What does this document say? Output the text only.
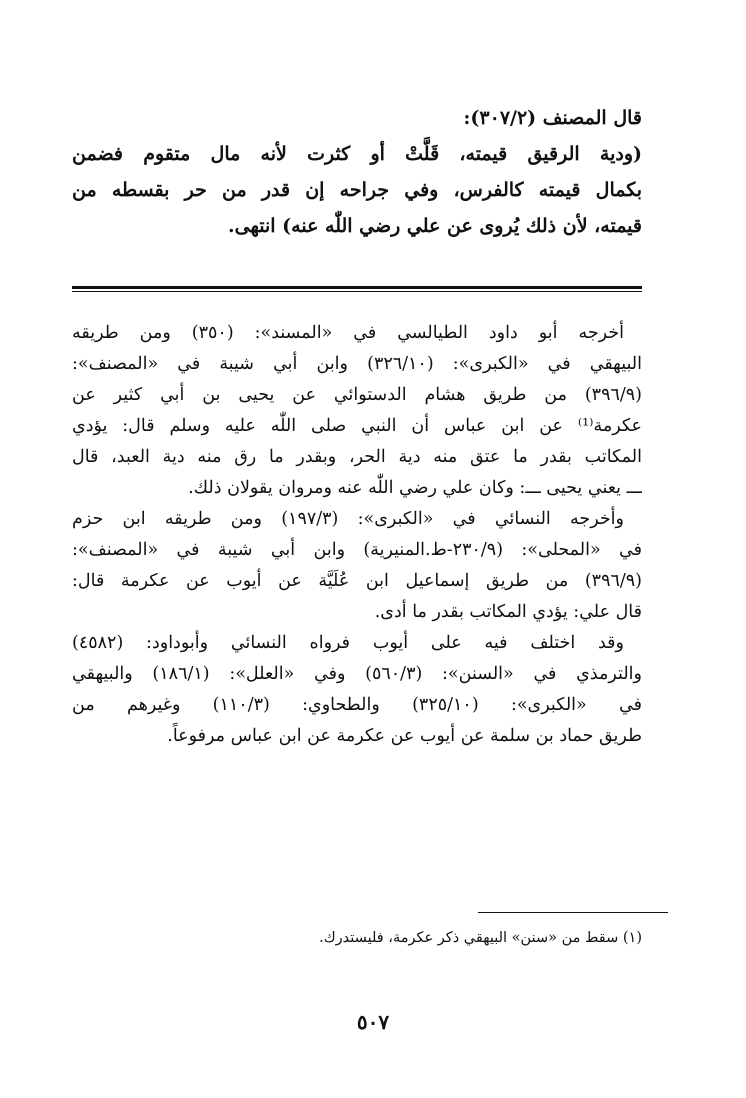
قال المصنف (٣٠٧/٢):
(ودية الرقيق قيمته، قَلَّتْ أو كثرت لأنه مال متقوم فضمن
بكمال قيمته كالفرس، وفي جراحه إن قدر من حر بقسطه من
قيمته، لأن ذلك يُروى عن علي رضي اللّٰه عنه) انتهى.
أخرجه أبو داود الطيالسي في «المسند»: (٣٥٠) ومن طريقه
البيهقي في «الكبرى»: (٣٢٦/١٠) وابن أبي شيبة في «المصنف»:
(٣٩٦/٩) من طريق هشام الدستوائي عن يحيى بن أبي كثير عن
عكرمة⁽¹⁾ عن ابن عباس أن النبي صلى اللّٰه عليه وسلم قال: يؤدي
المكاتب بقدر ما عتق منه دية الحر، وبقدر ما رق منه دية العبد، قال
ـــ يعني يحيى ـــ: وكان علي رضي اللّٰه عنه ومروان يقولان ذلك.
وأخرجه النسائي في «الكبرى»: (١٩٧/٣) ومن طريقه ابن حزم
في «المحلى»: (٢٣٠/٩-ط.المنيرية) وابن أبي شيبة في «المصنف»:
(٣٩٦/٩) من طريق إسماعيل ابن عُلَيَّة عن أيوب عن عكرمة قال:
قال علي: يؤدي المكاتب بقدر ما أدى.
وقد اختلف فيه على أيوب فرواه النسائي وأبوداود: (٤٥٨٢)
والترمذي في «السنن»: (٥٦٠/٣) وفي «العلل»: (١٨٦/١) والبيهقي
في «الكبرى»: (٣٢٥/١٠) والطحاوي: (١١٠/٣) وغيرهم من
طريق حماد بن سلمة عن أيوب عن عكرمة عن ابن عباس مرفوعاً.
(١) سقط من «سنن» البيهقي ذكر عكرمة، فليستدرك.
٥٠٧
